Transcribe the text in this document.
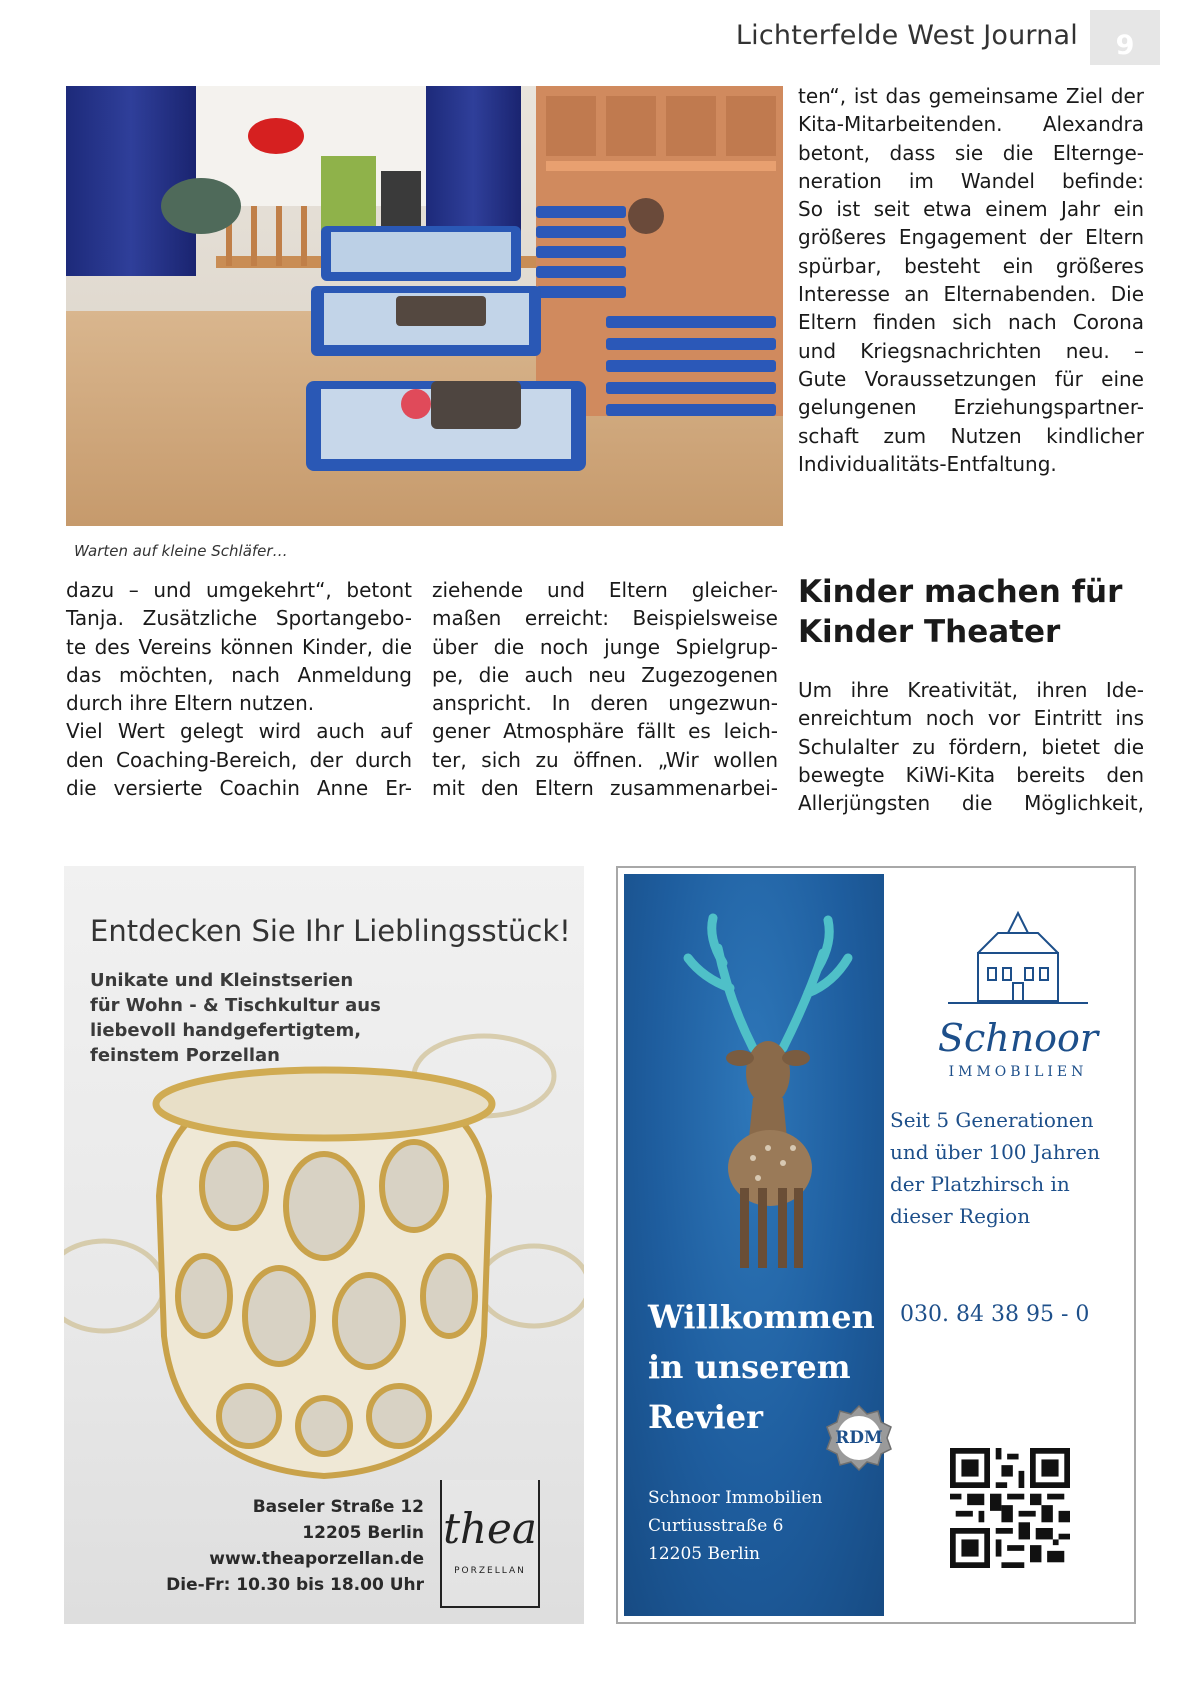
Lichterfelde West Journal	9
Warten auf kleine Schläfer…
ten“, ist das gemeinsame Ziel der
Kita-Mitarbeitenden. Alexandra
betont, dass sie die Elternge-
neration im Wandel befinde:
So ist seit etwa einem Jahr ein
größeres Engagement der Eltern
spürbar, besteht ein größeres
Interesse an Elternabenden. Die
Eltern finden sich nach Corona
und Kriegsnachrichten neu. –
Gute Voraussetzungen für eine
gelungenen Erziehungspartner-
schaft zum Nutzen kindlicher
Individualitäts-Entfaltung.
dazu – und umgekehrt“, betont
Tanja. Zusätzliche Sportangebo-
te des Vereins können Kinder, die
das möchten, nach Anmeldung
durch ihre Eltern nutzen.
Viel Wert gelegt wird auch auf
den Coaching-Bereich, der durch
die versierte Coachin Anne Er-
ziehende und Eltern gleicher-
maßen erreicht: Beispielsweise
über die noch junge Spielgrup-
pe, die auch neu Zugezogenen
anspricht. In deren ungezwun-
gener Atmosphäre fällt es leich-
ter, sich zu öffnen. „Wir wollen
mit den Eltern zusammenarbei-
Kinder machen für Kinder Theater
Um ihre Kreativität, ihren Ide-
enreichtum noch vor Eintritt ins
Schulalter zu fördern, bietet die
bewegte KiWi-Kita bereits den
Allerjüngsten die Möglichkeit,
Entdecken Sie Ihr Lieblingsstück!
Unikate und Kleinstserien
für Wohn - & Tischkultur aus
liebevoll handgefertigtem,
feinstem Porzellan
Baseler Straße 12
12205 Berlin
www.theaporzellan.de
Die-Fr: 10.30 bis 18.00 Uhr
thea
PORZELLAN
Willkommen
in unserem
Revier
Schnoor Immobilien
Curtiusstraße 6
12205 Berlin
Schnoor
IMMOBILIEN
Seit 5 Generationen
und über 100 Jahren
der Platzhirsch in
dieser Region
030. 84 38 95 - 0
RDM
